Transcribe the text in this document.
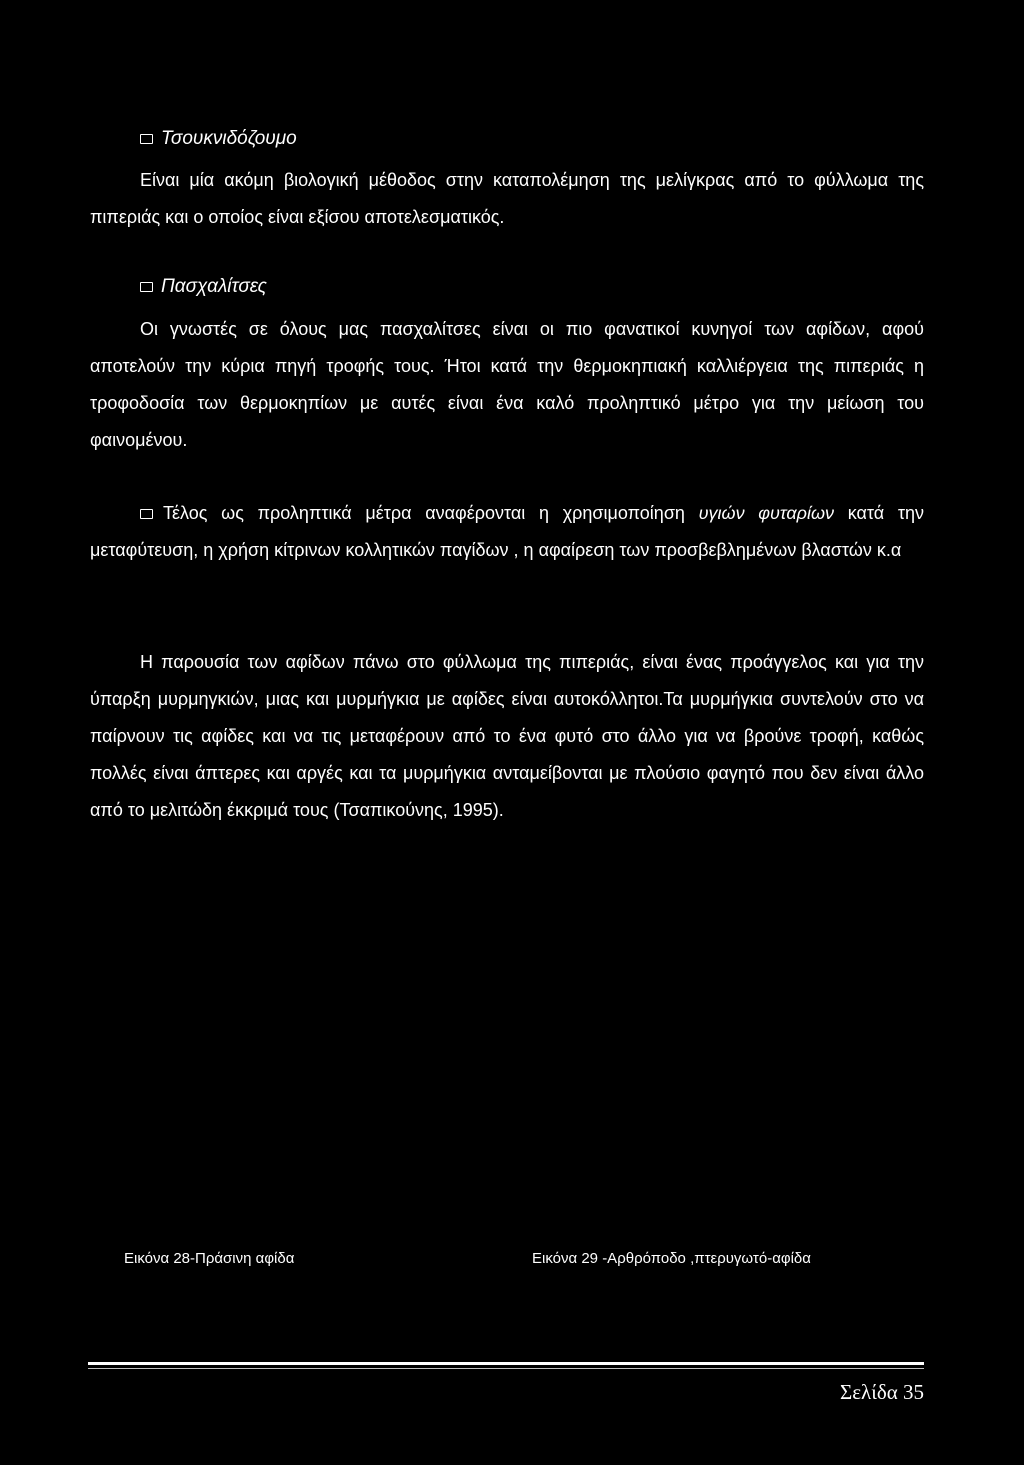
Τσουκνιδόζουμο

Είναι μία ακόμη βιολογική μέθοδος στην καταπολέμηση της μελίγκρας από το φύλλωμα της πιπεριάς και ο οποίος είναι εξίσου αποτελεσματικός.

Πασχαλίτσες

Οι γνωστές σε όλους μας πασχαλίτσες είναι οι πιο φανατικοί κυνηγοί των αφίδων, αφού αποτελούν την κύρια πηγή τροφής τους. Ήτοι κατά την θερμοκηπιακή καλλιέργεια της πιπεριάς η τροφοδοσία των θερμοκηπίων με αυτές είναι ένα καλό προληπτικό μέτρο για την μείωση του φαινομένου.

Τέλος ως προληπτικά μέτρα αναφέρονται η χρησιμοποίηση υγιών φυταρίων κατά την μεταφύτευση, η χρήση κίτρινων κολλητικών παγίδων , η αφαίρεση των προσβεβλημένων βλαστών κ.α

Η παρουσία των αφίδων πάνω στο φύλλωμα της πιπεριάς, είναι ένας προάγγελος και για την ύπαρξη μυρμηγκιών, μιας και μυρμήγκια με αφίδες είναι αυτοκόλλητοι.Τα μυρμήγκια συντελούν στο να παίρνουν τις αφίδες και να τις μεταφέρουν από το ένα φυτό στο άλλο για να βρούνε τροφή, καθώς πολλές είναι άπτερες και αργές και τα μυρμήγκια ανταμείβονται με πλούσιο φαγητό που δεν είναι άλλο από το μελιτώδη έκκριμά τους (Τσαπικούνης, 1995).

Εικόνα 28-Πράσινη αφίδα	Εικόνα 29 -Αρθρόποδο ,πτερυγωτό-αφίδα
Σελίδα 35
